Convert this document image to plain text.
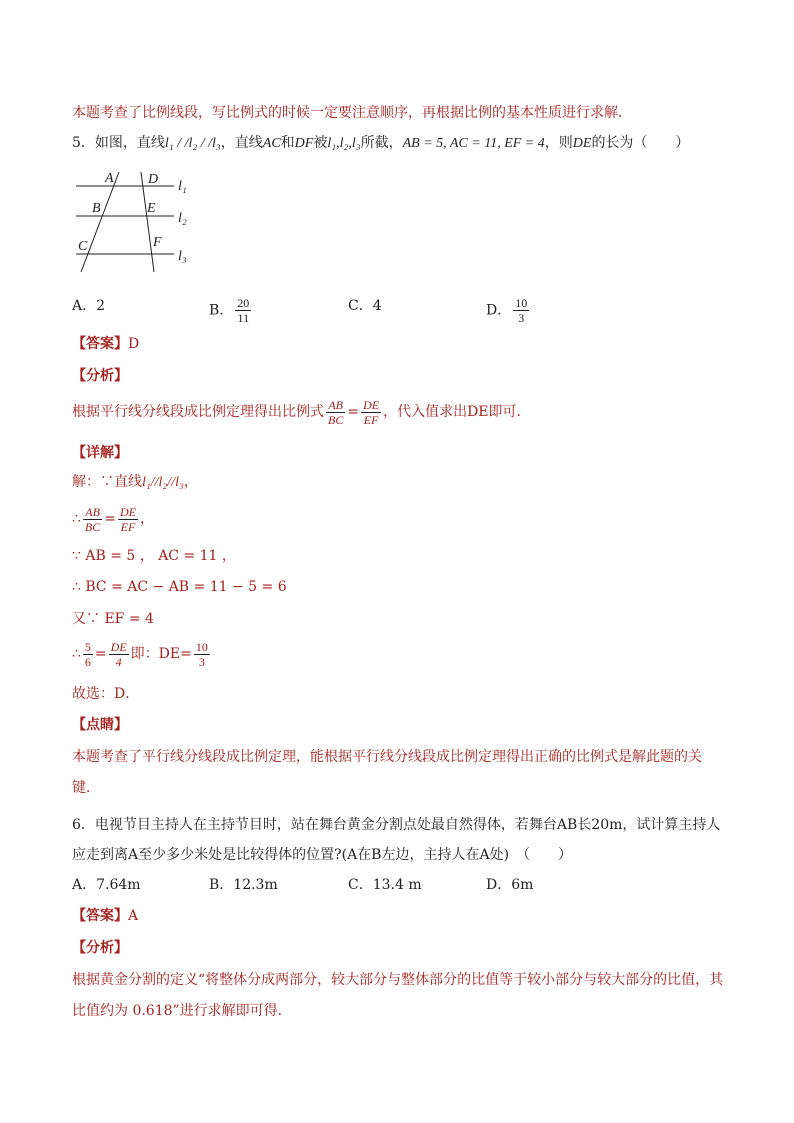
本题考查了比例线段，写比例式的时候一定要注意顺序，再根据比例的基本性质进行求解．
5．如图，直线l₁ / /l₂ / /l₃，直线AC和DF被l₁,l₂,l₃所截，AB = 5, AC = 11, EF = 4，则DE的长为（　　）
A D
B	E
C	F
l₁
l₂
l₃
A．2	B． $\frac{20}{11}$	C．4	D． $\frac{10}{3}$
【答案】D
【分析】
根据平行线分线段成比例定理得出比例式 $\frac{AB}{BC} = \frac{DE}{EF}$ ，代入值求出DE即可．
【详解】
解：∵直线l₁//l₂//l₃，
∴ $\frac{AB}{BC} = \frac{DE}{EF}$ ，
∵ AB = 5 ， AC = 11 ，
∴ BC = AC − AB = 11 − 5 = 6
又∵ EF = 4
∴ $\frac{5}{6} = \frac{DE}{4}$ 即：$DE= \frac{10}{3}$
故选：D．
【点睛】
本题考查了平行线分线段成比例定理，能根据平行线分线段成比例定理得出正确的比例式是解此题的关
键．
6．电视节目主持人在主持节目时，站在舞台黄金分割点处最自然得体，若舞台AB长20m，试计算主持人
应走到离A至少多少米处是比较得体的位置?(A在B左边，主持人在A处)　（　　）
A．7.64m	B．12.3m	C．13.4 m	D．6m
【答案】A
【分析】
根据黄金分割的定义“将整体分成两部分，较大部分与整体部分的比值等于较小部分与较大部分的比值，其
比值约为 0.618”进行求解即可得．
